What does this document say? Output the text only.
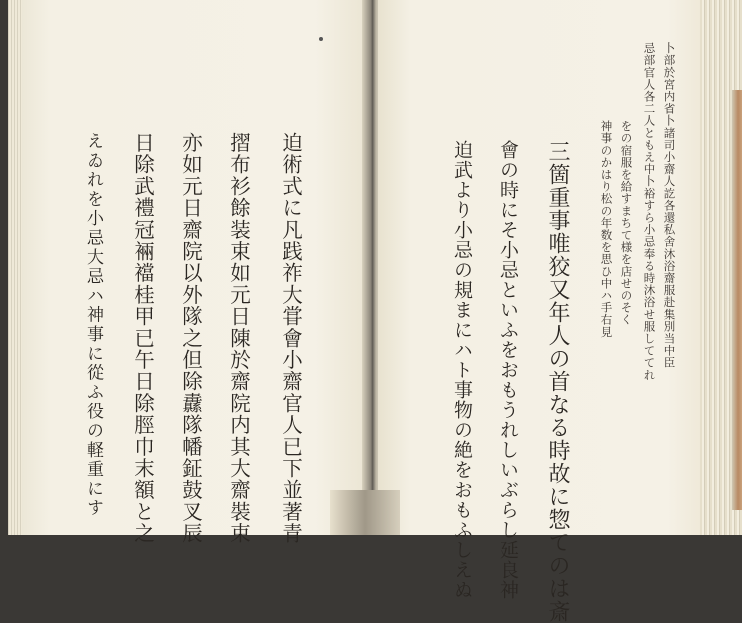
迫術式に凡践祚大甞會小齋官人已下並著青
摺布衫餘装束如元日陳於齋院内其大齋裝束
亦如元日齋院以外隊之但除纛隊幡鉦鼓叉辰
日除武禮冠裲襠桂甲已午日除脛巾末額と之
えゐれを小忌大忌ハ神事に從ふ役の軽重にす	卜部於宮内省卜諸司小齋人訖各還私舍沐浴齋服赴集別当中臣
忌部官人各二人ともえ中卜裕すら小忌奉る時沐浴せ服しててれ
をの宿服を給すまちて様を店せのそく
神事のかはり松の年数を思ひ中ハ手右見
三箇重事唯狡又年人の首なる時故に惣てのは斎
會の時にそ小忌といふをおもうれしいぶらし延良神
迫武より小忌の規まにハト事物の絶をおもふしえぬ
